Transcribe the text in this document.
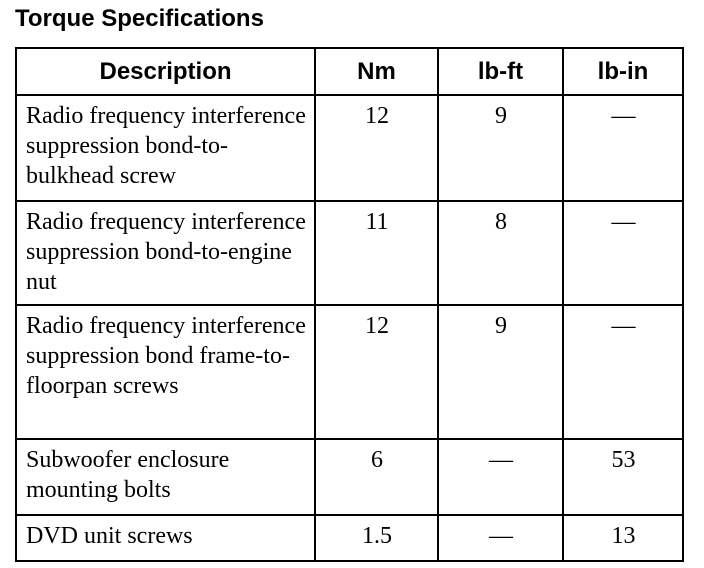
Torque Specifications
Description	Nm	lb-ft	lb-in
Radio frequency interference suppression bond-to-bulkhead screw	12	9	—
Radio frequency interference suppression bond-to-engine nut	11	8	—
Radio frequency interference suppression bond frame-to-floorpan screws	12	9	—
Subwoofer enclosure mounting bolts	6	—	53
DVD unit screws	1.5	—	13
